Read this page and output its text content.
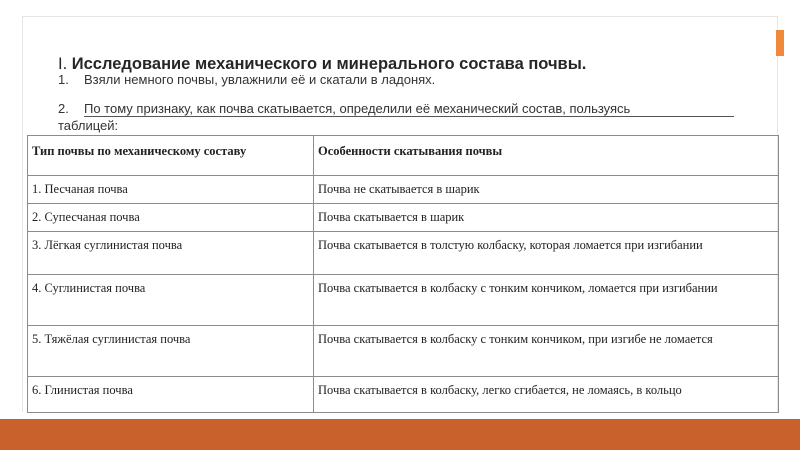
I. Исследование механического и минерального состава почвы.
1. Взяли немного почвы, увлажнили её и скатали в ладонях.
2. По тому признаку, как почва скатывается, определили её механический состав, пользуясь
таблицей:
Тип почвы по механическому составу	Особенности скатывания почвы
1. Песчаная почва	Почва не скатывается в шарик
2. Супесчаная почва	Почва скатывается в шарик
3. Лёгкая суглинистая почва	Почва скатывается в толстую колбаску, которая ломается при изгибании
4. Суглинистая почва	Почва скатывается в колбаску с тонким кончиком, ломается при изгибании
5. Тяжёлая суглинистая почва	Почва скатывается в колбаску с тонким кончиком, при изгибе не ломается
6. Глинистая почва	Почва скатывается в колбаску, легко сгибается, не ломаясь, в кольцо
